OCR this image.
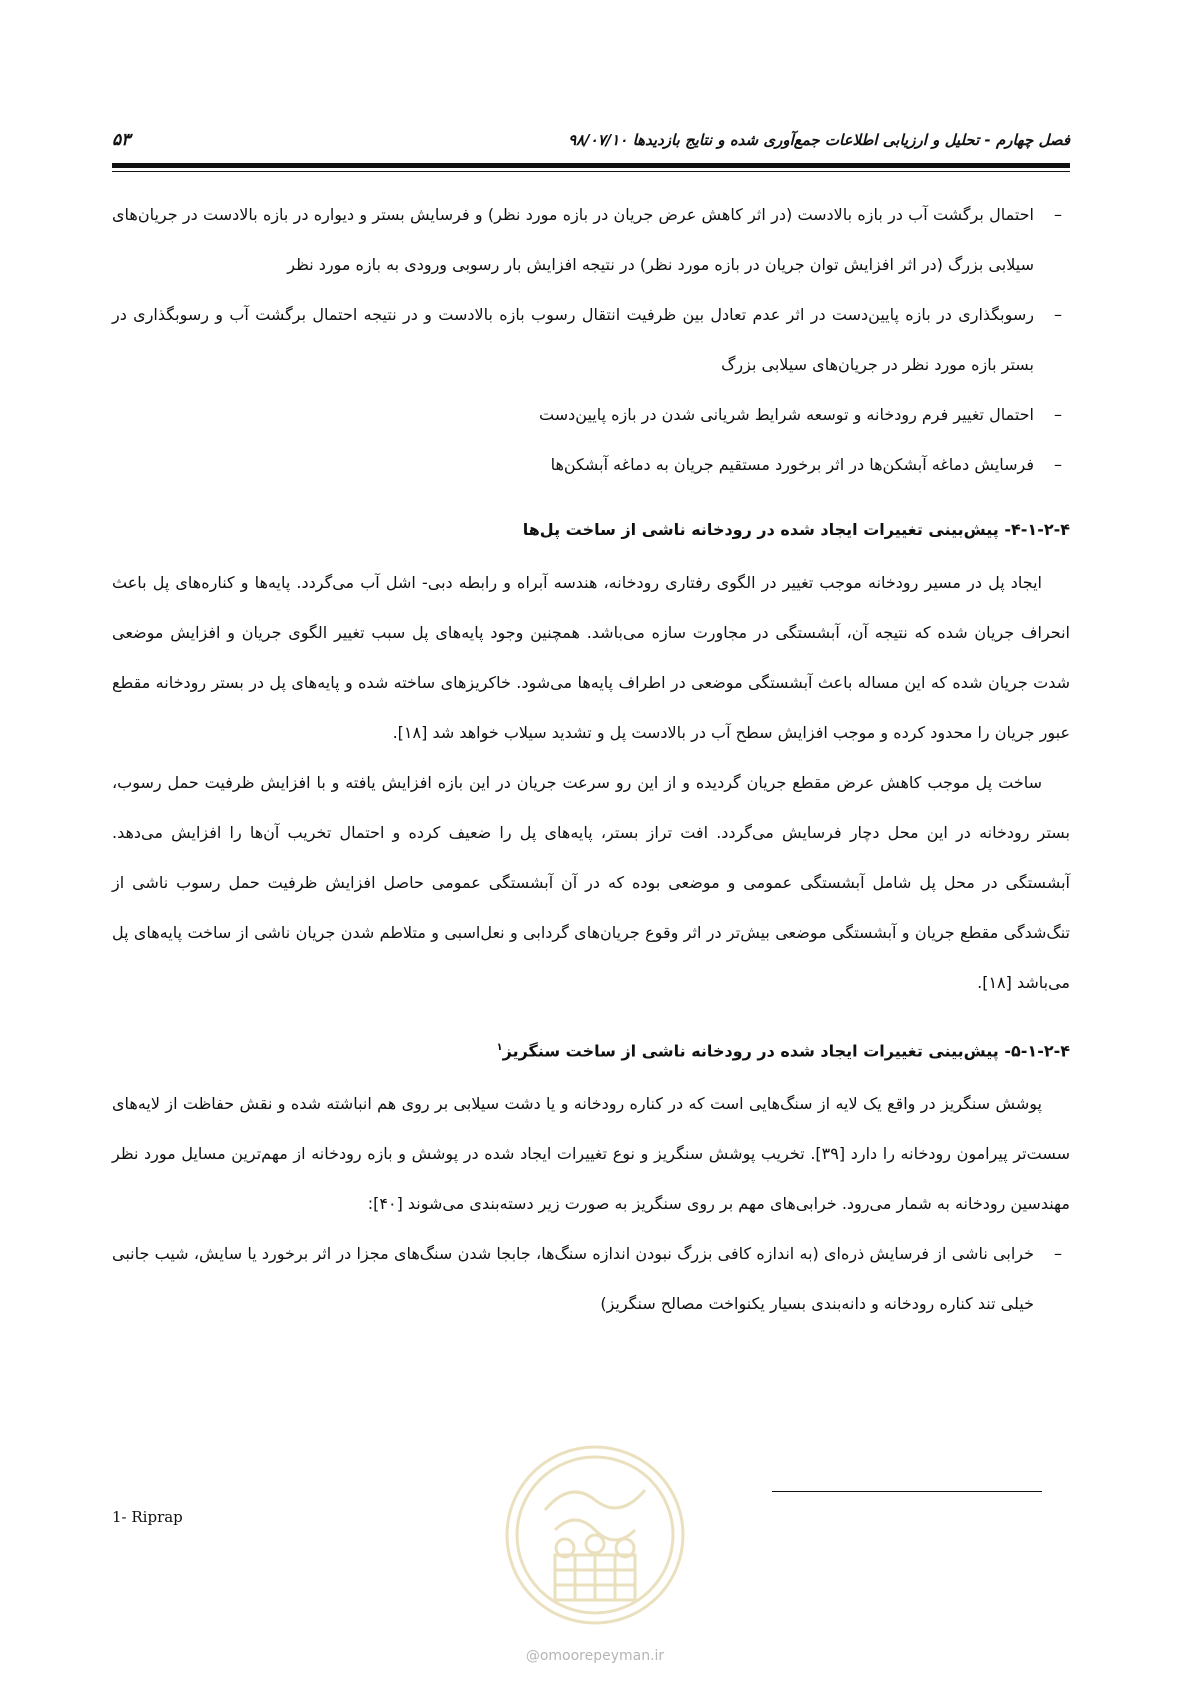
فصل چهارم - تحلیل و ارزیابی اطلاعات جمع‌آوری شده و نتایج بازدیدها ۹۸/۰۷/۱۰
۵۳
–
احتمال برگشت آب در بازه بالادست (در اثر کاهش عرض جریان در بازه مورد نظر) و فرسایش بستر و دیواره در بازه بالادست در جریان‌های سیلابی بزرگ (در اثر افزایش توان جریان در بازه مورد نظر) در نتیجه افزایش بار رسوبی ورودی به بازه مورد نظر
–
رسوبگذاری در بازه پایین‌دست در اثر عدم تعادل بین ظرفیت انتقال رسوب بازه بالادست و در نتیجه احتمال برگشت آب و رسوبگذاری در بستر بازه مورد نظر در جریان‌های سیلابی بزرگ
–
احتمال تغییر فرم رودخانه و توسعه شرایط شریانی شدن در بازه پایین‌دست
–
فرسایش دماغه آبشکن‌ها در اثر برخورد مستقیم جریان به دماغه آبشکن‌ها
۴-۱-۲-۴- پیش‌بینی تغییرات ایجاد شده در رودخانه ناشی از ساخت پل‌ها

ایجاد پل در مسیر رودخانه موجب تغییر در الگوی رفتاری رودخانه، هندسه آبراه و رابطه دبی- اشل آب می‌گردد. پایه‌ها و کناره‌های پل باعث انحراف جریان شده که نتیجه آن، آبشستگی در مجاورت سازه می‌باشد. همچنین وجود پایه‌های پل سبب تغییر الگوی جریان و افزایش موضعی شدت جریان شده که این مساله باعث آبشستگی موضعی در اطراف پایه‌ها می‌شود. خاکریزهای ساخته شده و پایه‌های پل در بستر رودخانه مقطع عبور جریان را محدود کرده و موجب افزایش سطح آب در بالادست پل و تشدید سیلاب خواهد شد [۱۸].

ساخت پل موجب کاهش عرض مقطع جریان گردیده و از این رو سرعت جریان در این بازه افزایش یافته و با افزایش ظرفیت حمل رسوب، بستر رودخانه در این محل دچار فرسایش می‌گردد. افت تراز بستر، پایه‌های پل را ضعیف کرده و احتمال تخریب آن‌ها را افزایش می‌دهد. آبشستگی در محل پل شامل آبشستگی عمومی و موضعی بوده که در آن آبشستگی عمومی حاصل افزایش ظرفیت حمل رسوب ناشی از تنگ‌شدگی مقطع جریان و آبشستگی موضعی بیش‌تر در اثر وقوع جریان‌های گردابی و نعل‌اسبی و متلاطم شدن جریان ناشی از ساخت پایه‌های پل می‌باشد [۱۸].

۵-۱-۲-۴- پیش‌بینی تغییرات ایجاد شده در رودخانه ناشی از ساخت سنگریز$^۱$

پوشش سنگریز در واقع یک لایه از سنگ‌هایی است که در کناره رودخانه و یا دشت سیلابی بر روی هم انباشته شده و نقش حفاظت از لایه‌های سست‌تر پیرامون رودخانه را دارد [۳۹]. تخریب پوشش سنگریز و نوع تغییرات ایجاد شده در پوشش و بازه رودخانه از مهم‌ترین مسایل مورد نظر مهندسین رودخانه به شمار می‌رود. خرابی‌های مهم بر روی سنگریز به صورت زیر دسته‌بندی می‌شوند [۴۰]:

–
خرابی ناشی از فرسایش ذره‌ای (به اندازه کافی بزرگ نبودن اندازه سنگ‌ها، جابجا شدن سنگ‌های مجزا در اثر برخورد یا سایش، شیب جانبی خیلی تند کناره رودخانه و دانه‌بندی بسیار یکنواخت مصالح سنگریز)
1- Riprap
@omoorepeyman.ir
